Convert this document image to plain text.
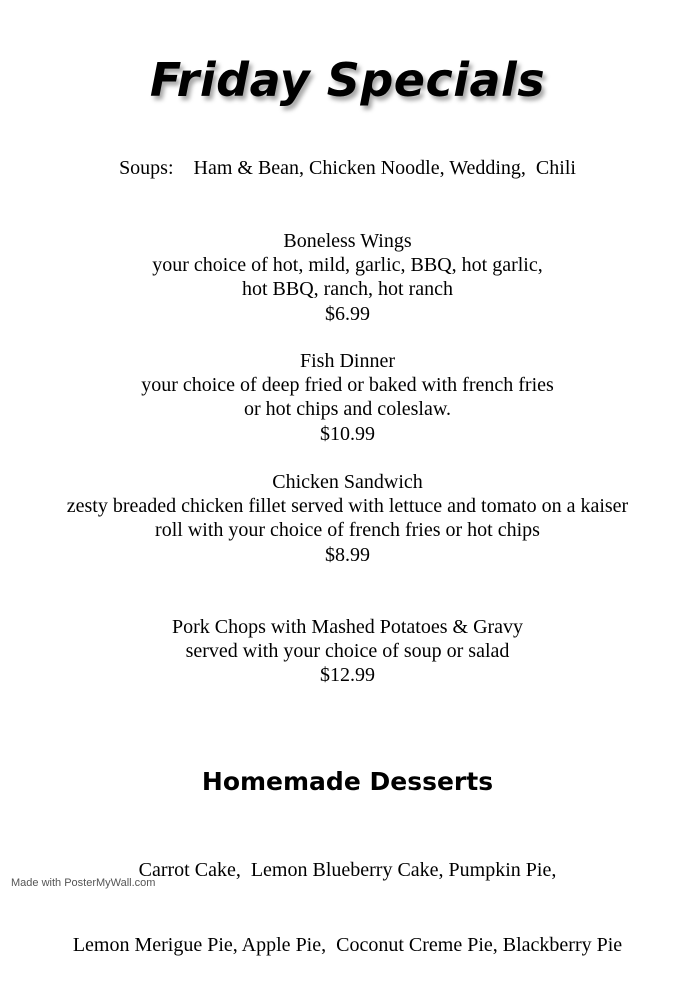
Friday Specials
Soups:    Ham & Bean, Chicken Noodle, Wedding,  Chili
Boneless Wings
your choice of hot, mild, garlic, BBQ, hot garlic,
hot BBQ, ranch, hot ranch
$6.99
Fish Dinner
your choice of deep fried or baked with french fries
or hot chips and coleslaw.
$10.99
Chicken Sandwich
zesty breaded chicken fillet served with lettuce and tomato on a kaiser
roll with your choice of french fries or hot chips
$8.99
Pork Chops with Mashed Potatoes & Gravy
served with your choice of soup or salad
$12.99
Homemade Desserts

Carrot Cake,  Lemon Blueberry Cake, Pumpkin Pie,

Lemon Merigue Pie, Apple Pie,  Coconut Creme Pie, Blackberry Pie

Made with PosterMyWall.com
